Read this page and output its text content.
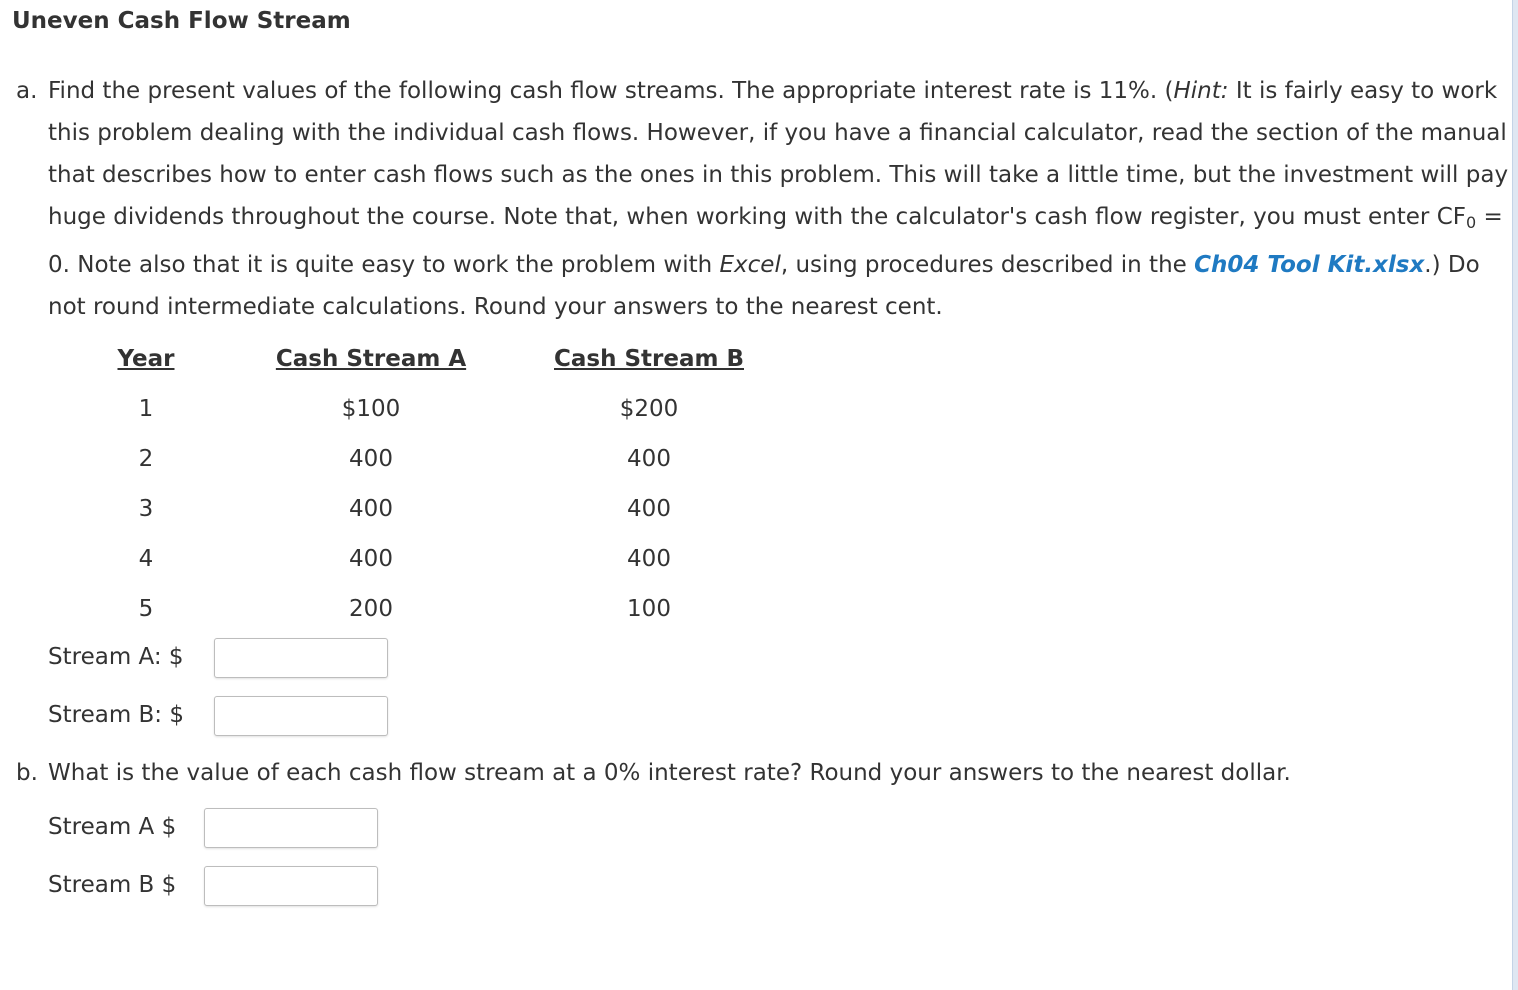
Uneven Cash Flow Stream
a. Find the present values of the following cash flow streams. The appropriate interest rate is 11%. (Hint: It is fairly easy to work this problem dealing with the individual cash flows. However, if you have a financial calculator, read the section of the manual that describes how to enter cash flows such as the ones in this problem. This will take a little time, but the investment will pay huge dividends throughout the course. Note that, when working with the calculator's cash flow register, you must enter $CF_0 = 0$. Note also that it is quite easy to work the problem with Excel, using procedures described in the Ch04 Tool Kit.xlsx.) Do not round intermediate calculations. Round your answers to the nearest cent.
Year	Cash Stream A	Cash Stream B
1	$100	$200
2	400	400
3	400	400
4	400	400
5	200	100
Stream A: $
Stream B: $
b. What is the value of each cash flow stream at a 0% interest rate? Round your answers to the nearest dollar.
Stream A $
Stream B $
